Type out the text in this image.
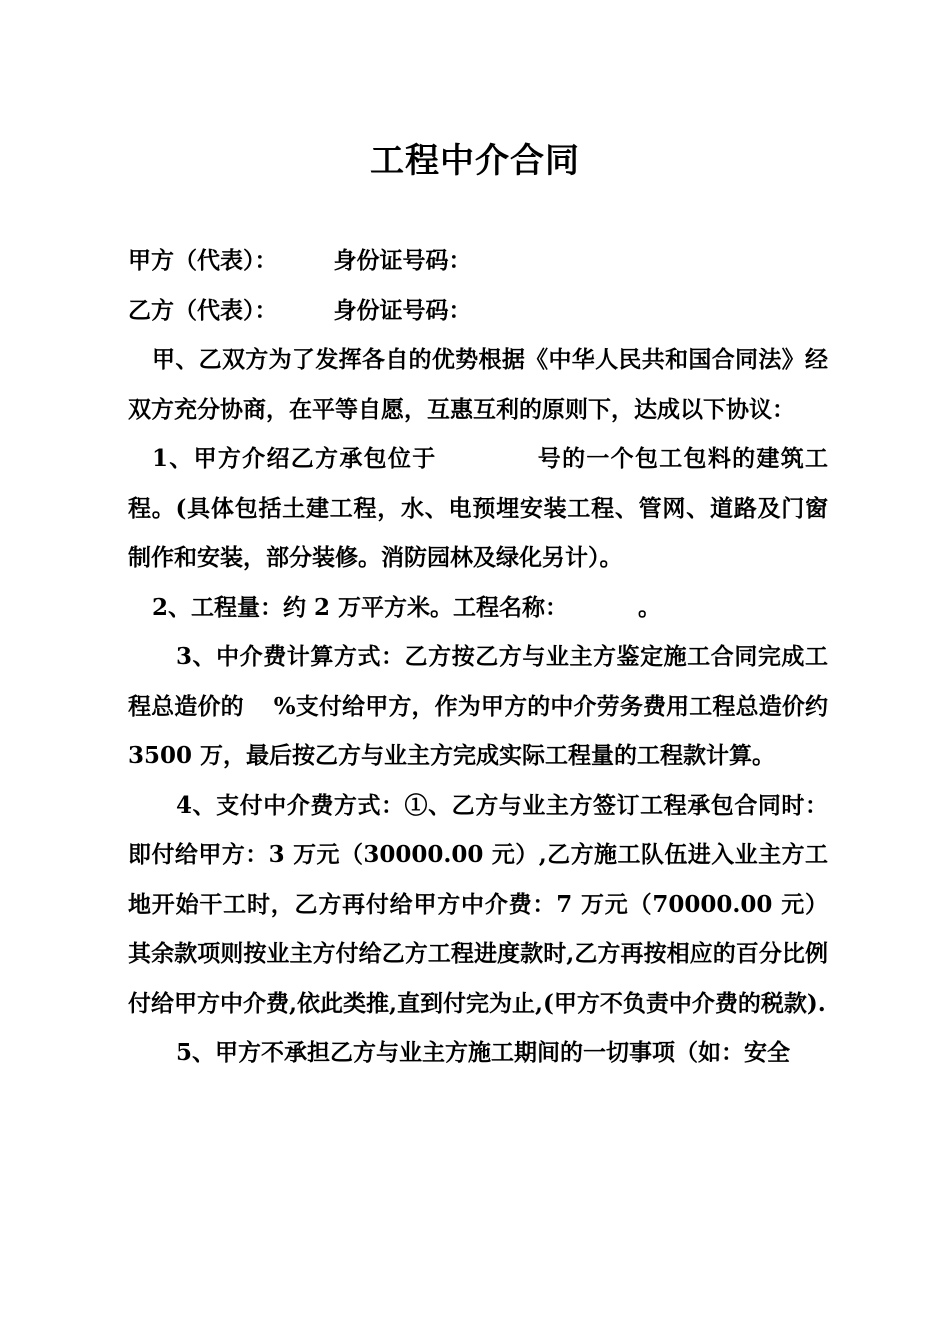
工程中介合同

甲方（代表）： 身份证号码：

乙方（代表）： 身份证号码：

甲、乙双方为了发挥各自的优势根据《中华人民共和国合同法》经双方充分协商，在平等自愿，互惠互利的原则下，达成以下协议：

1、甲方介绍乙方承包位于	号的一个包工包料的建筑工程。(具体包括土建工程，水、电预埋安装工程、管网、道路及门窗制作和安装，部分装修。消防园林及绿化另计）。

2、工程量：约 2 万平方米。工程名称：	。

3、中介费计算方式：乙方按乙方与业主方鉴定施工合同完成工程总造价的 %支付给甲方，作为甲方的中介劳务费用工程总造价约 3500 万，最后按乙方与业主方完成实际工程量的工程款计算。

4、支付中介费方式：①、乙方与业主方签订工程承包合同时：即付给甲方：3 万元（30000.00 元）,乙方施工队伍进入业主方工地开始干工时，乙方再付给甲方中介费：7 万元（70000.00 元）其余款项则按业主方付给乙方工程进度款时,乙方再按相应的百分比例付给甲方中介费,依此类推,直到付完为止,(甲方不负责中介费的税款).

5、甲方不承担乙方与业主方施工期间的一切事项（如：安全
